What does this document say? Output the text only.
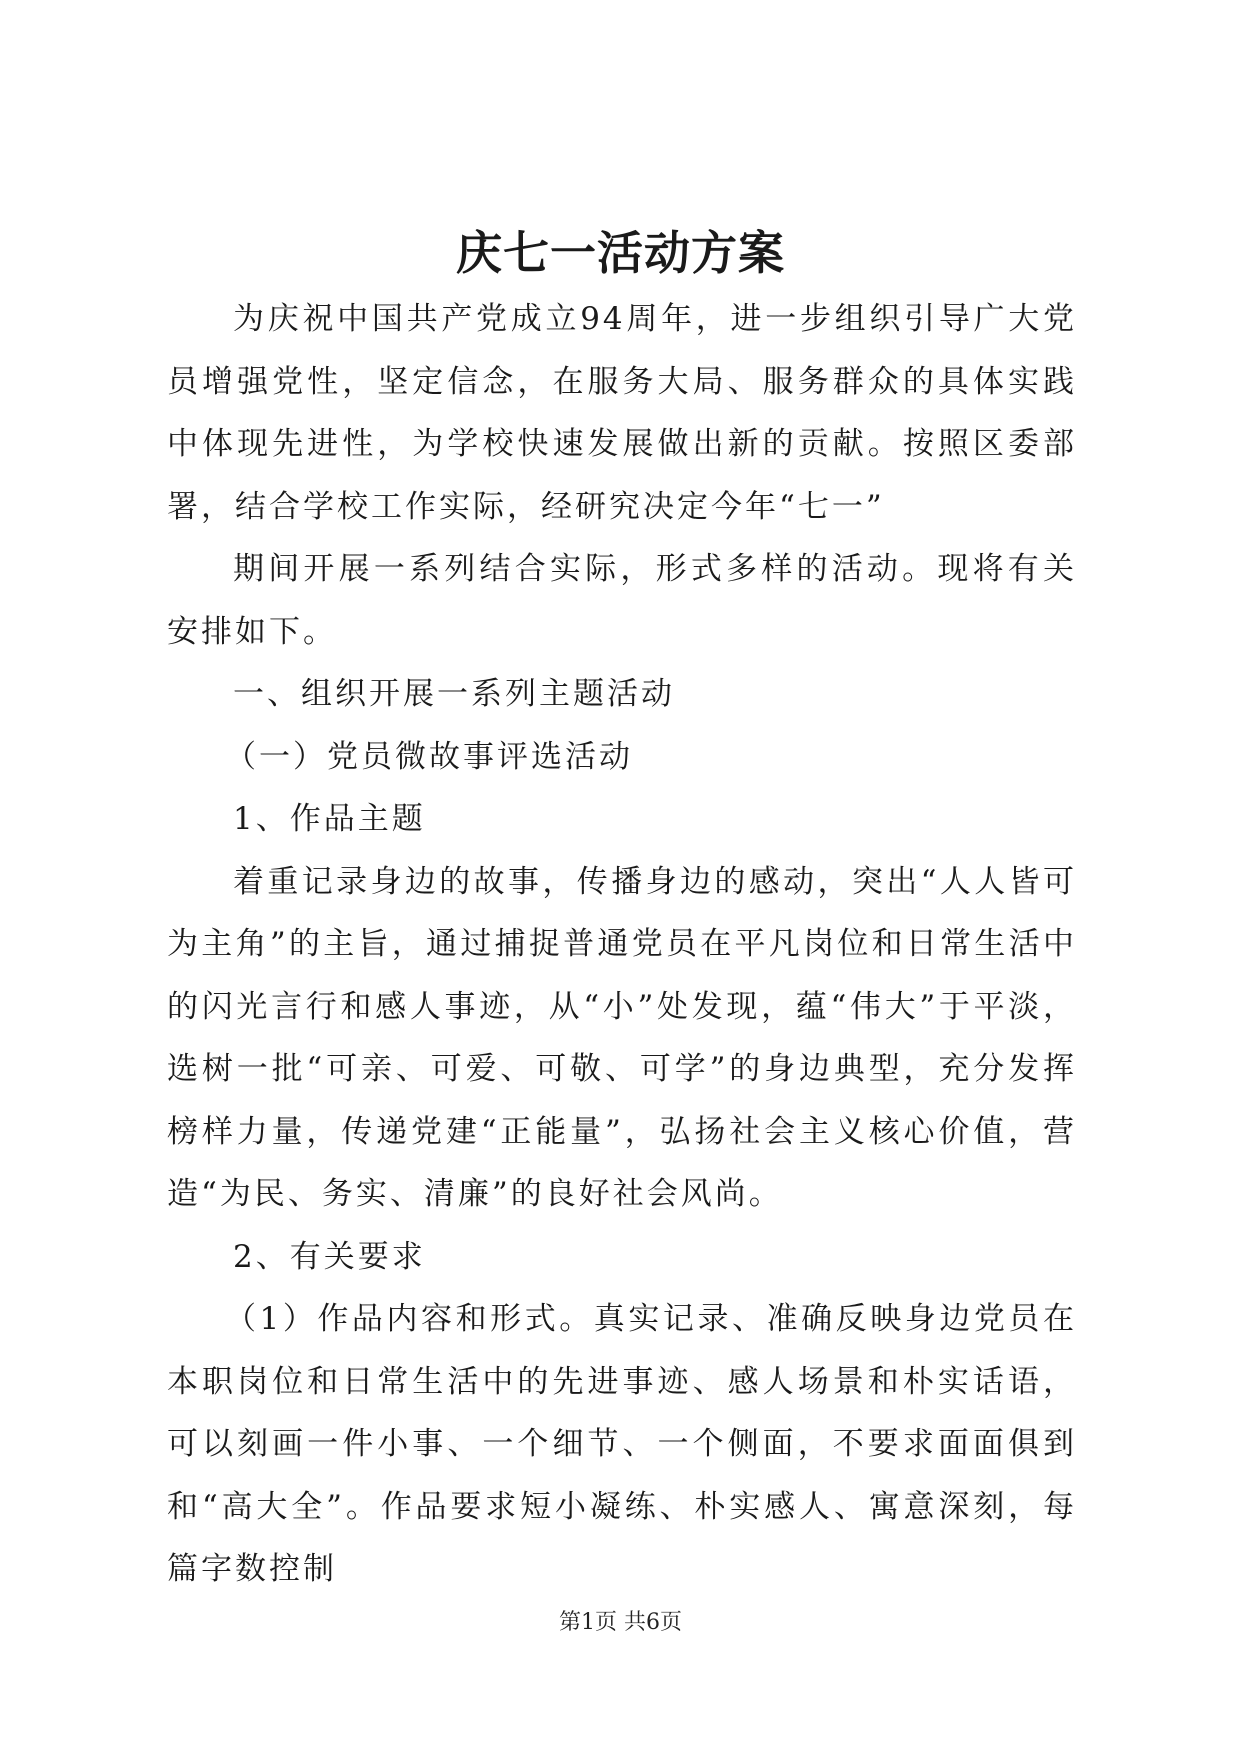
庆七一活动方案

为庆祝中国共产党成立94周年，进一步组织引导广大党员增强党性，坚定信念，在服务大局、服务群众的具体实践中体现先进性，为学校快速发展做出新的贡献。按照区委部署，结合学校工作实际，经研究决定今年“七一”

期间开展一系列结合实际，形式多样的活动。现将有关安排如下。

一、组织开展一系列主题活动

（一）党员微故事评选活动

1、作品主题

着重记录身边的故事，传播身边的感动，突出“人人皆可为主角”的主旨，通过捕捉普通党员在平凡岗位和日常生活中的闪光言行和感人事迹，从“小”处发现，蕴“伟大”于平淡，选树一批“可亲、可爱、可敬、可学”的身边典型，充分发挥榜样力量，传递党建“正能量”，弘扬社会主义核心价值，营造“为民、务实、清廉”的良好社会风尚。

2、有关要求

（1）作品内容和形式。真实记录、准确反映身边党员在本职岗位和日常生活中的先进事迹、感人场景和朴实话语，可以刻画一件小事、一个细节、一个侧面，不要求面面俱到和“高大全”。作品要求短小凝练、朴实感人、寓意深刻，每篇字数控制

第1页 共6页
